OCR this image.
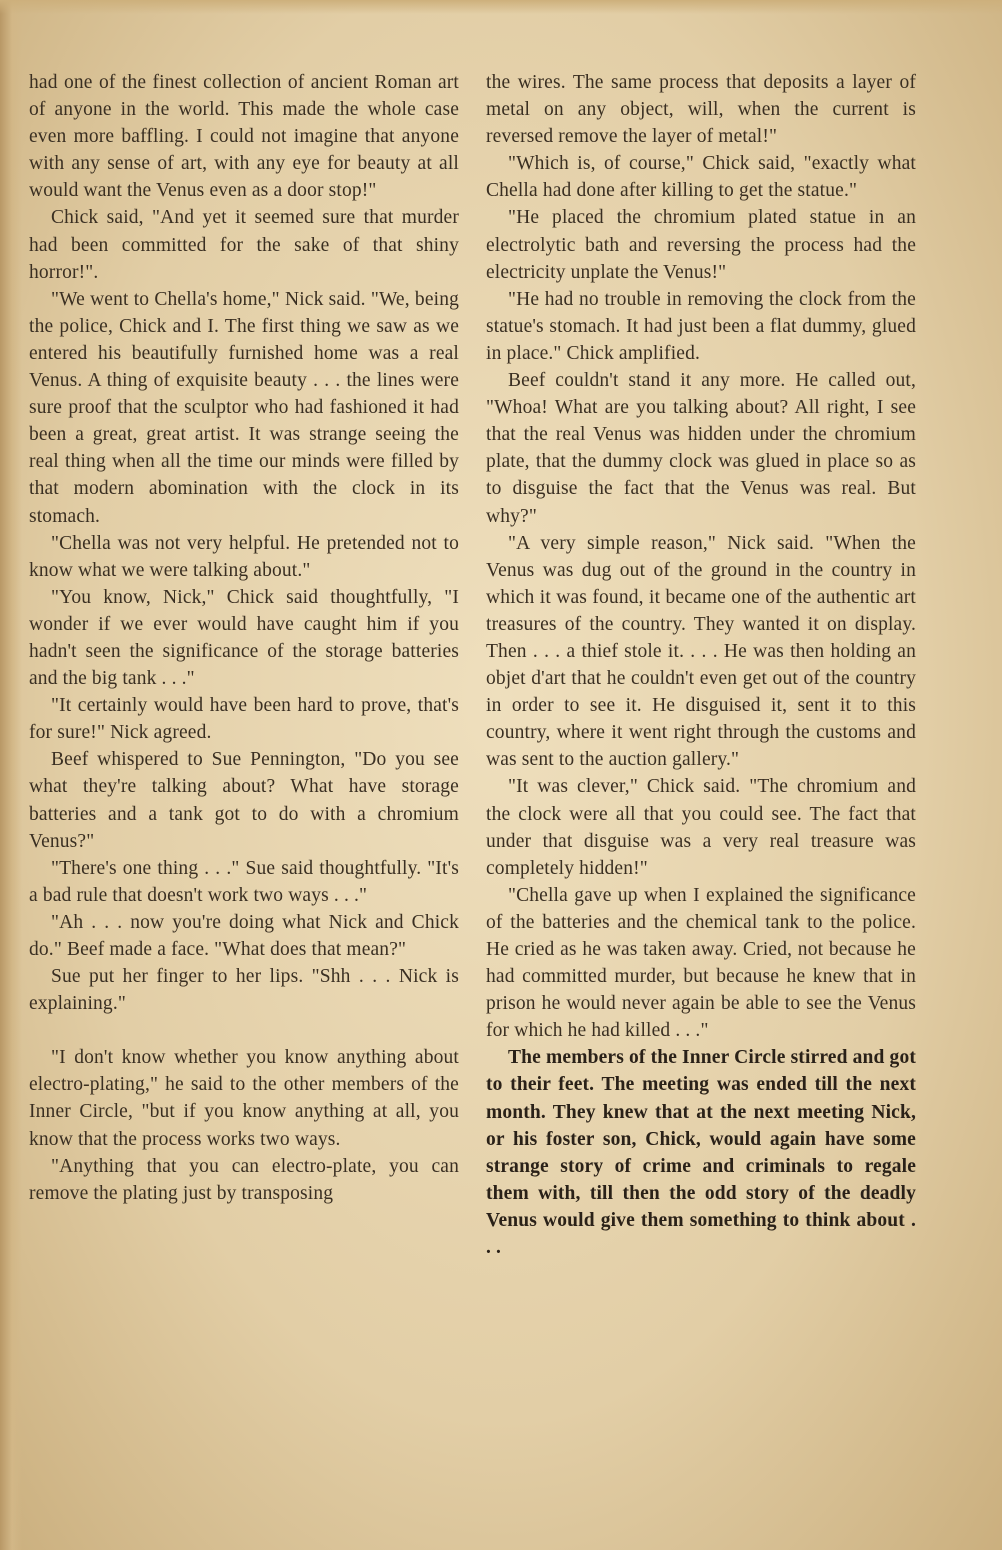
had one of the finest collection of ancient Roman art of anyone in the world. This made the whole case even more baffling. I could not imagine that anyone with any sense of art, with any eye for beauty at all would want the Venus even as a door stop!"

Chick said, "And yet it seemed sure that murder had been committed for the sake of that shiny horror!".

"We went to Chella's home," Nick said. "We, being the police, Chick and I. The first thing we saw as we entered his beautifully furnished home was a real Venus. A thing of exquisite beauty . . . the lines were sure proof that the sculptor who had fashioned it had been a great, great artist. It was strange seeing the real thing when all the time our minds were filled by that modern abomination with the clock in its stomach.

"Chella was not very helpful. He pretended not to know what we were talking about."

"You know, Nick," Chick said thoughtfully, "I wonder if we ever would have caught him if you hadn't seen the significance of the storage batteries and the big tank . . ."

"It certainly would have been hard to prove, that's for sure!" Nick agreed.

Beef whispered to Sue Pennington, "Do you see what they're talking about? What have storage batteries and a tank got to do with a chromium Venus?"

"There's one thing . . ." Sue said thoughtfully. "It's a bad rule that doesn't work two ways . . ."

"Ah . . . now you're doing what Nick and Chick do." Beef made a face. "What does that mean?"

Sue put her finger to her lips. "Shh . . . Nick is explaining."

"I don't know whether you know anything about electro-plating," he said to the other members of the Inner Circle, "but if you know anything at all, you know that the process works two ways.

"Anything that you can electro-plate, you can remove the plating just by transposing

the wires. The same process that deposits a layer of metal on any object, will, when the current is reversed remove the layer of metal!"

"Which is, of course," Chick said, "exactly what Chella had done after killing to get the statue."

"He placed the chromium plated statue in an electrolytic bath and reversing the process had the electricity unplate the Venus!"

"He had no trouble in removing the clock from the statue's stomach. It had just been a flat dummy, glued in place." Chick amplified.

Beef couldn't stand it any more. He called out, "Whoa! What are you talking about? All right, I see that the real Venus was hidden under the chromium plate, that the dummy clock was glued in place so as to disguise the fact that the Venus was real. But why?"

"A very simple reason," Nick said. "When the Venus was dug out of the ground in the country in which it was found, it became one of the authentic art treasures of the country. They wanted it on display. Then . . . a thief stole it. . . . He was then holding an objet d'art that he couldn't even get out of the country in order to see it. He disguised it, sent it to this country, where it went right through the customs and was sent to the auction gallery."

"It was clever," Chick said. "The chromium and the clock were all that you could see. The fact that under that disguise was a very real treasure was completely hidden!"

"Chella gave up when I explained the significance of the batteries and the chemical tank to the police. He cried as he was taken away. Cried, not because he had committed murder, but because he knew that in prison he would never again be able to see the Venus for which he had killed . . ."

The members of the Inner Circle stirred and got to their feet. The meeting was ended till the next month. They knew that at the next meeting Nick, or his foster son, Chick, would again have some strange story of crime and criminals to regale them with, till then the odd story of the deadly Venus would give them something to think about . . .
